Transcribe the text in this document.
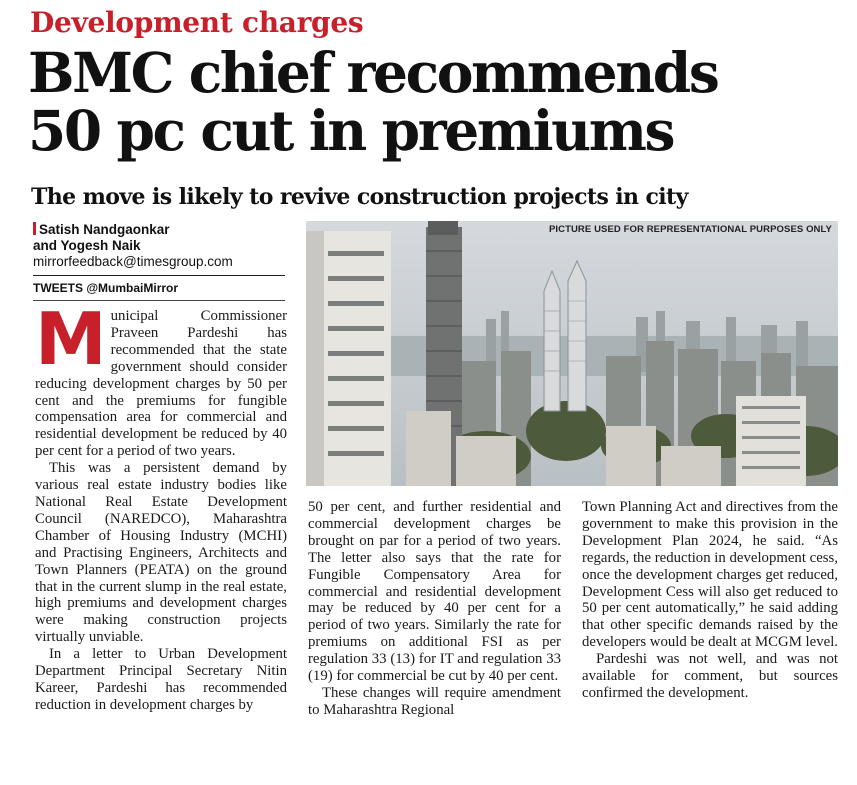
Development charges
BMC chief recommends
50 pc cut in premiums
The move is likely to revive construction projects in city
Satish Nandgaonkar
and Yogesh Naik
mirrorfeedback@timesgroup.com
TWEETS @MumbaiMirror
PICTURE USED FOR REPRESENTATIONAL PURPOSES ONLY

Municipal Commissioner Praveen Pardeshi has recommended that the state government should consider reducing development charges by 50 per cent and the premiums for fungible compensation area for commercial and residential development be reduced by 40 per cent for a period of two years.

This was a persistent demand by various real estate industry bodies like National Real Estate Development Council (NAREDCO), Maharashtra Chamber of Housing Industry (MCHI) and Practising Engineers, Architects and Town Planners (PEATA) on the ground that in the current slump in the real estate, high premiums and development charges were making construction projects virtually unviable.

In a letter to Urban Development Department Principal Secretary Nitin Kareer, Pardeshi has recommended reduction in development charges by

50 per cent, and further residential and commercial development charges be brought on par for a period of two years. The letter also says that the rate for Fungible Compensatory Area for commercial and residential development may be reduced by 40 per cent for a period of two years. Similarly the rate for premiums on additional FSI as per regulation 33 (13) for IT and regulation 33 (19) for commercial be cut by 40 per cent.

These changes will require amendment to Maharashtra Regional

Town Planning Act and directives from the government to make this provision in the Development Plan 2024, he said. “As regards, the reduction in development cess, once the development charges get reduced, Development Cess will also get reduced to 50 per cent automatically,” he said adding that other specific demands raised by the developers would be dealt at MCGM level.

Pardeshi was not well, and was not available for comment, but sources confirmed the development.
